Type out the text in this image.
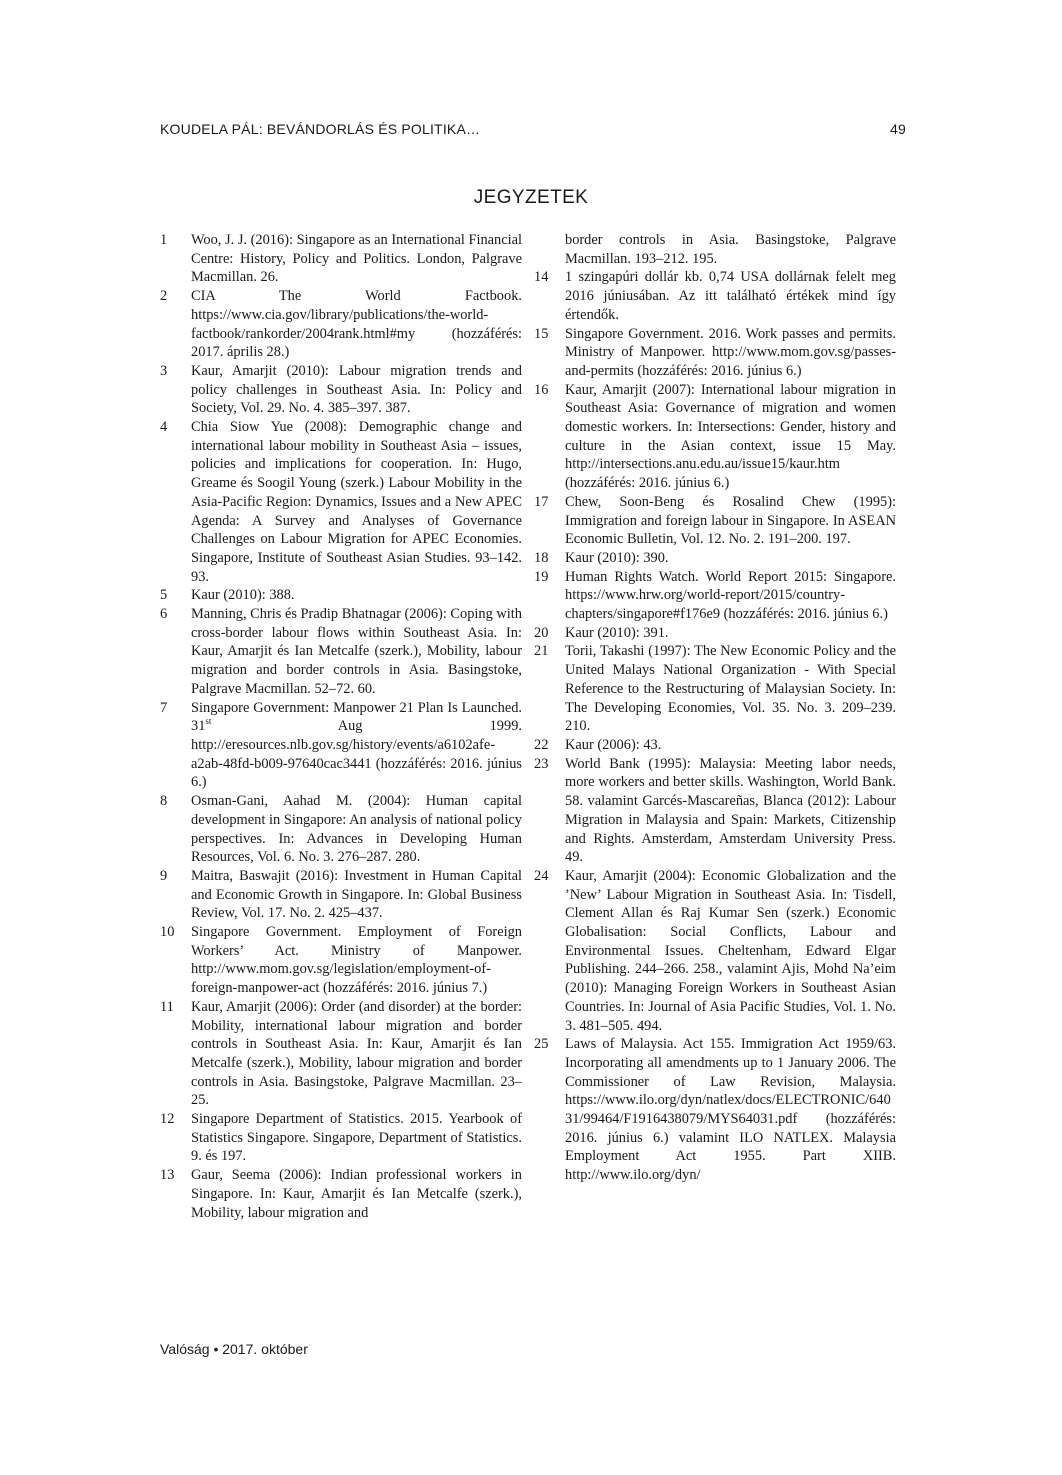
KOUDELA PÁL: BEVÁNDORLÁS ÉS POLITIKA…	49
JEGYZETEK
1	Woo, J. J. (2016): Singapore as an International Financial Centre: History, Policy and Politics. London, Palgrave Macmillan. 26.
2	CIA The World Factbook. https://www.cia.gov/library/publications/the-world-factbook/rankorder/2004rank.html#my (hozzáférés: 2017. április 28.)
3	Kaur, Amarjit (2010): Labour migration trends and policy challenges in Southeast Asia. In: Policy and Society, Vol. 29. No. 4. 385–397. 387.
4	Chia Siow Yue (2008): Demographic change and international labour mobility in Southeast Asia – issues, policies and implications for cooperation. In: Hugo, Greame és Soogil Young (szerk.) Labour Mobility in the Asia-Pacific Region: Dynamics, Issues and a New APEC Agenda: A Survey and Analyses of Governance Challenges on Labour Migration for APEC Economies. Singapore, Institute of Southeast Asian Studies. 93–142. 93.
5	Kaur (2010): 388.
6	Manning, Chris és Pradip Bhatnagar (2006): Coping with cross-border labour flows within Southeast Asia. In: Kaur, Amarjit és Ian Metcalfe (szerk.), Mobility, labour migration and border controls in Asia. Basingstoke, Palgrave Macmillan. 52–72. 60.
7	Singapore Government: Manpower 21 Plan Is Launched. 31st Aug 1999. http://eresources.nlb.gov.sg/history/events/a6102afe-a2ab-48fd-b009-97640cac3441 (hozzáférés: 2016. június 6.)
8	Osman-Gani, Aahad M. (2004): Human capital development in Singapore: An analysis of national policy perspectives. In: Advances in Developing Human Resources, Vol. 6. No. 3. 276–287. 280.
9	Maitra, Baswajit (2016): Investment in Human Capital and Economic Growth in Singapore. In: Global Business Review, Vol. 17. No. 2. 425–437.
10	Singapore Government. Employment of Foreign Workers’ Act. Ministry of Manpower. http://www.mom.gov.sg/legislation/employment-of-foreign-manpower-act (hozzáférés: 2016. június 7.)
11	Kaur, Amarjit (2006): Order (and disorder) at the border: Mobility, international labour migration and border controls in Southeast Asia. In: Kaur, Amarjit és Ian Metcalfe (szerk.), Mobility, labour migration and border controls in Asia. Basingstoke, Palgrave Macmillan. 23–25.
12	Singapore Department of Statistics. 2015. Yearbook of Statistics Singapore. Singapore, Department of Statistics. 9. és 197.
13	Gaur, Seema (2006): Indian professional workers in Singapore. In: Kaur, Amarjit és Ian Metcalfe (szerk.), Mobility, labour migration and
border controls in Asia. Basingstoke, Palgrave Macmillan. 193–212. 195.
14	1 szingapúri dollár kb. 0,74 USA dollárnak felelt meg 2016 júniusában. Az itt található értékek mind így értendők.
15	Singapore Government. 2016. Work passes and permits. Ministry of Manpower. http://www.mom.gov.sg/passes-and-permits (hozzáférés: 2016. június 6.)
16	Kaur, Amarjit (2007): International labour migration in Southeast Asia: Governance of migration and women domestic workers. In: Intersections: Gender, history and culture in the Asian context, issue 15 May. http://intersections.anu.edu.au/issue15/kaur.htm (hozzáférés: 2016. június 6.)
17	Chew, Soon-Beng és Rosalind Chew (1995): Immigration and foreign labour in Singapore. In ASEAN Economic Bulletin, Vol. 12. No. 2. 191–200. 197.
18	Kaur (2010): 390.
19	Human Rights Watch. World Report 2015: Singapore. https://www.hrw.org/world-report/2015/country-chapters/singapore#f176e9 (hozzáférés: 2016. június 6.)
20	Kaur (2010): 391.
21	Torii, Takashi (1997): The New Economic Policy and the United Malays National Organization - With Special Reference to the Restructuring of Malaysian Society. In: The Developing Economies, Vol. 35. No. 3. 209–239. 210.
22	Kaur (2006): 43.
23	World Bank (1995): Malaysia: Meeting labor needs, more workers and better skills. Washington, World Bank. 58. valamint Garcés-Mascareñas, Blanca (2012): Labour Migration in Malaysia and Spain: Markets, Citizenship and Rights. Amsterdam, Amsterdam University Press. 49.
24	Kaur, Amarjit (2004): Economic Globalization and the ’New’ Labour Migration in Southeast Asia. In: Tisdell, Clement Allan és Raj Kumar Sen (szerk.) Economic Globalisation: Social Conflicts, Labour and Environmental Issues. Cheltenham, Edward Elgar Publishing. 244–266. 258., valamint Ajis, Mohd Na’eim (2010): Managing Foreign Workers in Southeast Asian Countries. In: Journal of Asia Pacific Studies, Vol. 1. No. 3. 481–505. 494.
25	Laws of Malaysia. Act 155. Immigration Act 1959/63. Incorporating all amendments up to 1 January 2006. The Commissioner of Law Revision, Malaysia. https://www.ilo.org/dyn/natlex/docs/ELECTRONIC/64031/99464/F1916438079/MYS64031.pdf (hozzáférés: 2016. június 6.) valamint ILO NATLEX. Malaysia Employment Act 1955. Part XIIB. http://www.ilo.org/dyn/
Valóság • 2017. október
